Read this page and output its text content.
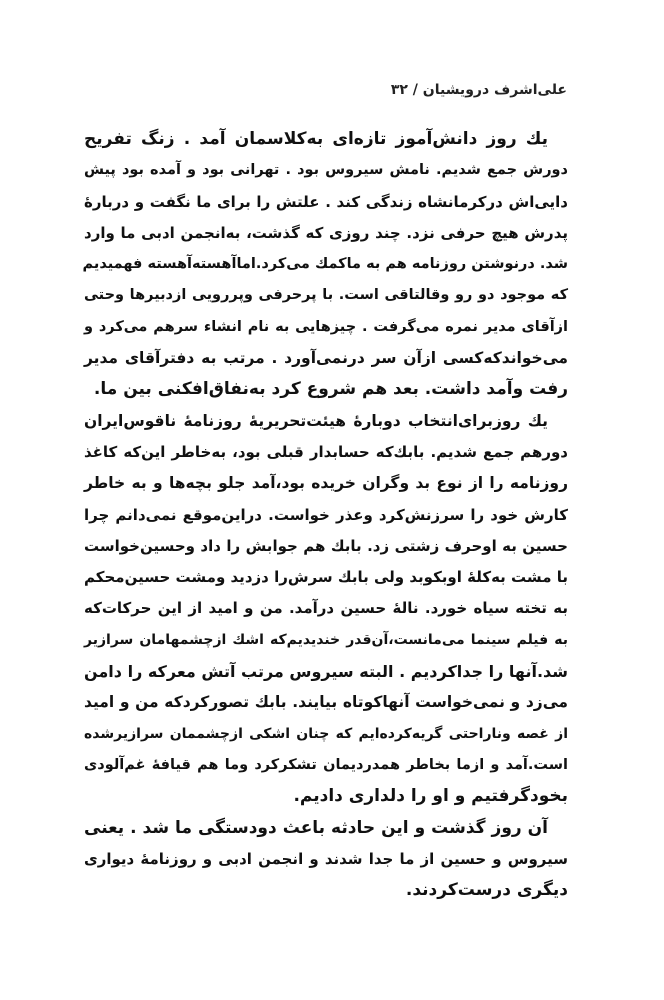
علی‌اشرف درویشیان / ۳۲
یك روز دانش‌آموز تازه‌ای به‌کلاسمان آمد . زنگ تفریح
دورش جمع شدیم. نامش سیروس بود . تهرانی بود و آمده بود پیش
دایی‌اش درکرمانشاه زندگی کند . علتش را برای ما نگفت و دربارهٔ
پدرش هیچ حرفی نزد. چند روزی که گذشت، به‌انجمن ادبی ما وارد
شد. درنوشتن روزنامه هم به ماکمك می‌کرد.اماآهسته‌آهسته فهمیدیم
که موجود دو رو وقالتاقی است. با پرحرفی وپررویی ازدبیرها وحتی
ازآقای مدیر نمره می‌گرفت . چیزهایی به نام انشاء سرهم می‌کرد و
می‌خواندکه‌کسی ازآن سر درنمی‌آورد . مرتب به دفترآقای مدیر
رفت وآمد داشت. بعد هم شروع کرد به‌نفاق‌افکنی بین ما.
یك روزبرای‌انتخاب دوبارهٔ هیئت‌تحریریهٔ روزنامهٔ ناقوس‌ایران
دورهم جمع شدیم. بابك‌که حسابدار قبلی بود، به‌خاطر این‌که کاغذ
روزنامه را از نوع بد وگران خریده بود،آمد جلو بچه‌ها و به خاطر
کارش خود را سرزنش‌کرد وعذر خواست. دراین‌موقع نمی‌دانم چرا
حسین به اوحرف زشتی زد. بابك هم جوابش را داد وحسین‌خواست
با مشت به‌کلهٔ اوبکوبد ولی بابك سرش‌را دزدید ومشت حسین‌محکم
به تخته سیاه خورد. نالهٔ حسین درآمد. من و امید از این حرکات‌که
به فیلم سینما می‌مانست،آن‌قدر خندیدیم‌که اشك ازچشمهامان سرازیر
شد.آنها را جداکردیم . البته سیروس مرتب آتش معرکه را دامن
می‌زد و نمی‌خواست آنهاکوتاه بیایند. بابك تصورکرد‌که من و امید
از غصه وناراحتی گریه‌کرده‌ایم که چنان اشکی ازچشممان سرازیرشده
است.آمد و ازما بخاطر همدردیمان تشکرکرد وما هم قیافهٔ غم‌آلودی
بخودگرفتیم و او را دلداری دادیم.
آن روز گذشت و این حادثه باعث دودستگی ما شد . یعنی
سیروس و حسین از ما جدا شدند و انجمن ادبی و روزنامهٔ دیواری
دیگری درست‌کردند.
